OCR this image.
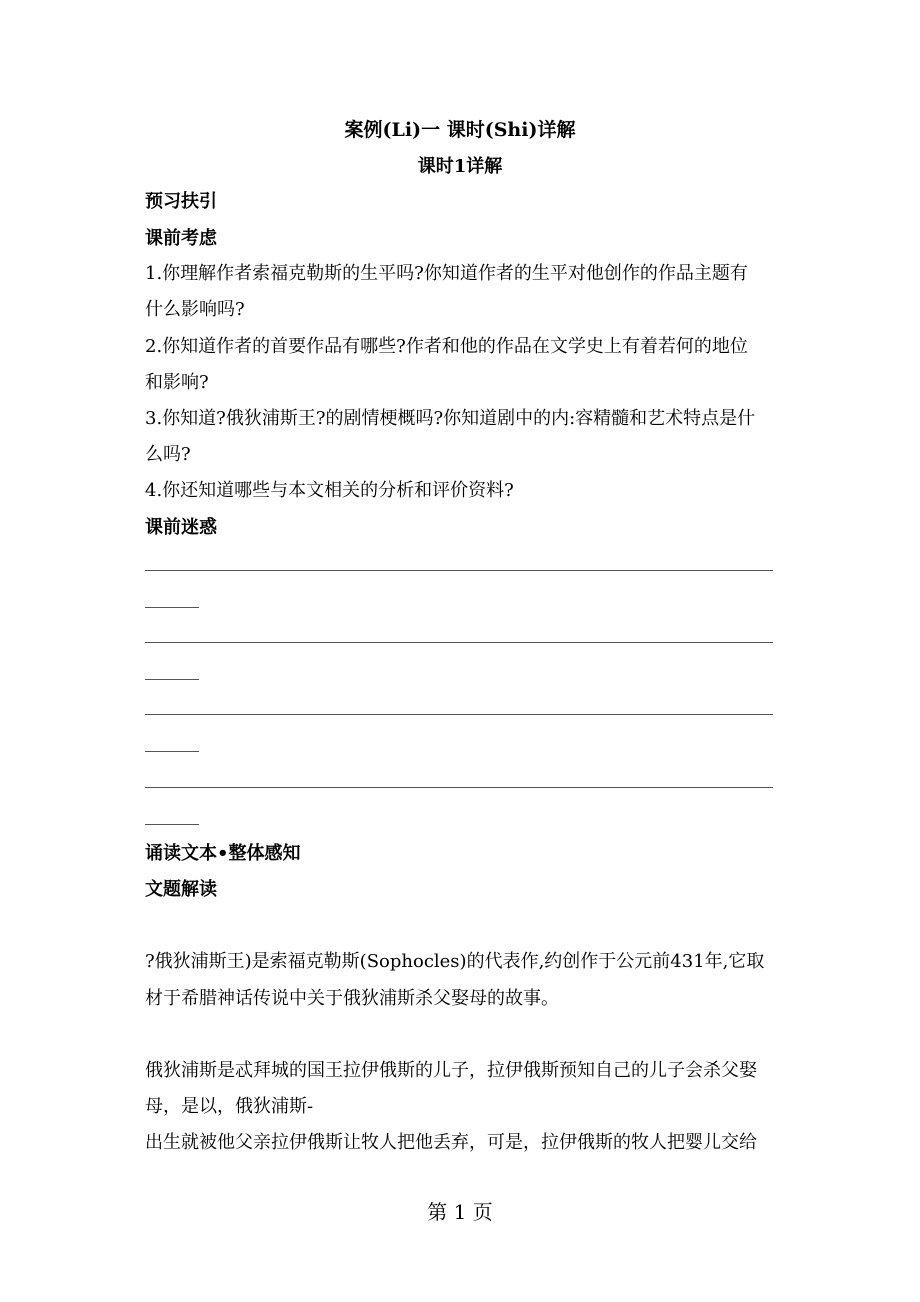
案例(Li)一 课时(Shi)详解
课时1详解
预习扶引
课前考虑
1.你理解作者索福克勒斯的生平吗?你知道作者的生平对他创作的作品主题有
什么影响吗?
2.你知道作者的首要作品有哪些?作者和他的作品在文学史上有着若何的地位
和影响?
3.你知道?俄狄浦斯王?的剧情梗概吗?你知道剧中的内:容精髓和艺术特点是什
么吗?
4.你还知道哪些与本文相关的分析和评价资料?
课前迷惑
诵读文本•整体感知
文题解读
?俄狄浦斯王)是索福克勒斯(Sophocles)的代表作,约创作于公元前431年,它取
材于希腊神话传说中关于俄狄浦斯杀父娶母的故事。
俄狄浦斯是忒拜城的国王拉伊俄斯的儿子，拉伊俄斯预知自己的儿子会杀父娶
母，是以，俄狄浦斯-
出生就被他父亲拉伊俄斯让牧人把他丢弃，可是，拉伊俄斯的牧人把婴儿交给
第 1 页
